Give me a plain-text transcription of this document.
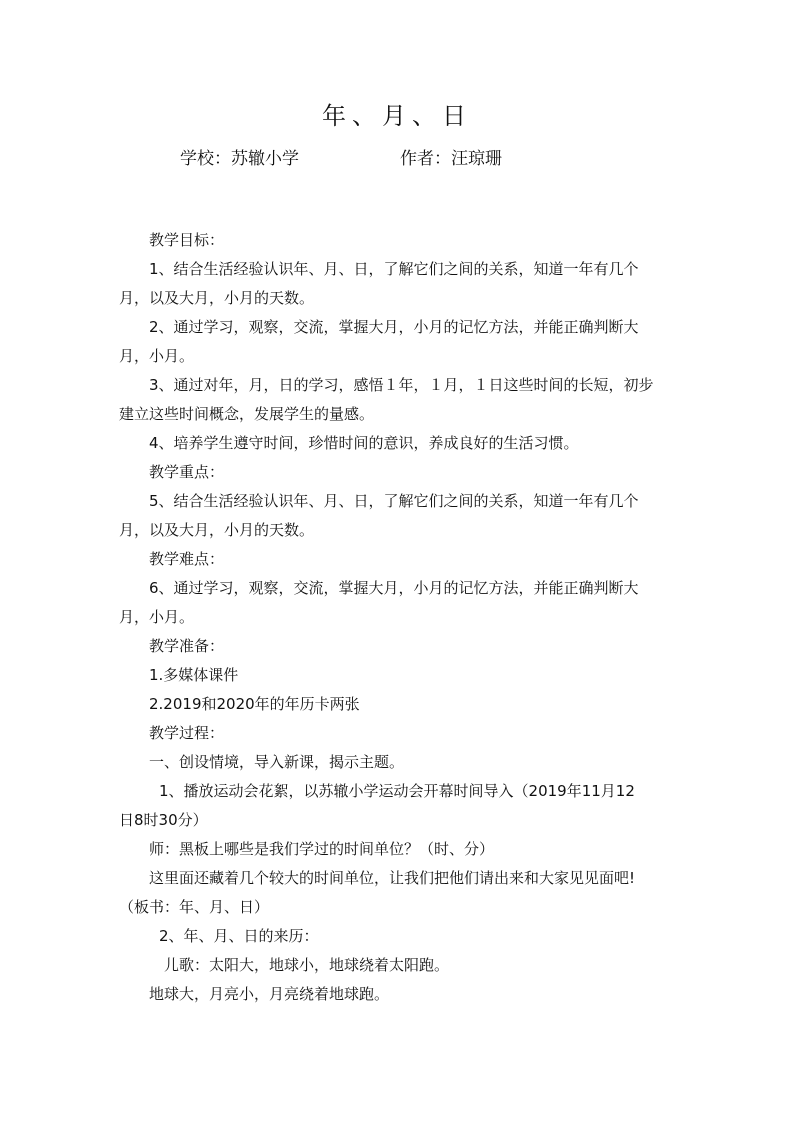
年、月、日
学校：苏辙小学	作者：汪琼珊

教学目标：

1、结合生活经验认识年、月、日，了解它们之间的关系，知道一年有几个

月，以及大月，小月的天数。

2、通过学习，观察，交流，掌握大月，小月的记忆方法，并能正确判断大

月，小月。

3、通过对年，月，日的学习，感悟１年，１月，１日这些时间的长短，初步

建立这些时间概念，发展学生的量感。

4、培养学生遵守时间，珍惜时间的意识，养成良好的生活习惯。

教学重点：

5、结合生活经验认识年、月、日，了解它们之间的关系，知道一年有几个

月，以及大月，小月的天数。

教学难点：

6、通过学习，观察，交流，掌握大月，小月的记忆方法，并能正确判断大

月，小月。

教学准备：

1.多媒体课件

2.2019和2020年的年历卡两张

教学过程：

一、创设情境，导入新课，揭示主题。

1、播放运动会花絮，以苏辙小学运动会开幕时间导入（2019年11月12

日8时30分）

师：黑板上哪些是我们学过的时间单位？（时、分）

这里面还藏着几个较大的时间单位，让我们把他们请出来和大家见见面吧!

（板书：年、月、日）

2、年、月、日的来历：

儿歌：太阳大，地球小，地球绕着太阳跑。

地球大，月亮小，月亮绕着地球跑。
